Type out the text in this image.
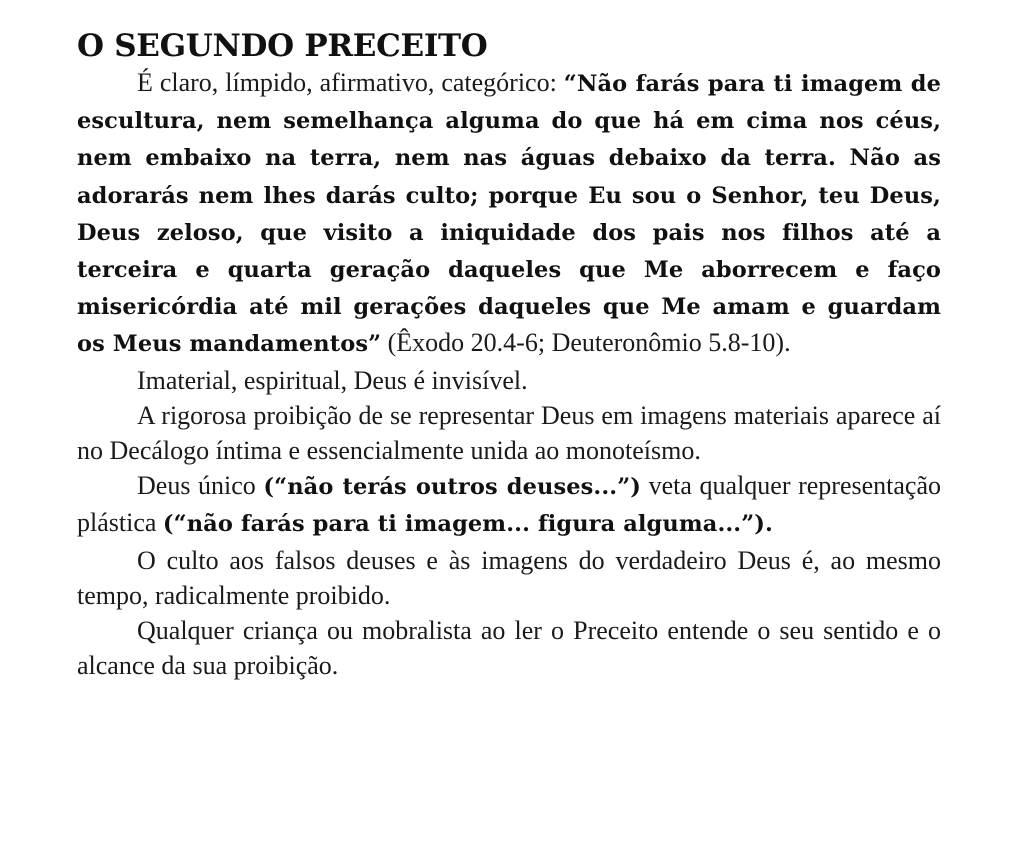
O SEGUNDO PRECEITO

É claro, límpido, afirmativo, categórico: “Não farás para ti imagem de escultura, nem semelhança alguma do que há em cima nos céus, nem embaixo na terra, nem nas águas debaixo da terra. Não as adorarás nem lhes darás culto; porque Eu sou o Senhor, teu Deus, Deus zeloso, que visito a iniquidade dos pais nos filhos até a terceira e quarta geração daqueles que Me aborrecem e faço misericórdia até mil gerações daqueles que Me amam e guardam os Meus mandamentos” (Êxodo 20.4-6; Deuteronômio 5.8-10).

Imaterial, espiritual, Deus é invisível.

A rigorosa proibição de se representar Deus em imagens materiais aparece aí no Decálogo íntima e essencialmente unida ao monoteísmo.

Deus único (“não terás outros deuses...”) veta qualquer representação plástica (“não farás para ti imagem... figura alguma...”).

O culto aos falsos deuses e às imagens do verdadeiro Deus é, ao mesmo tempo, radicalmente proibido.

Qualquer criança ou mobralista ao ler o Preceito entende o seu sentido e o alcance da sua proibição.
